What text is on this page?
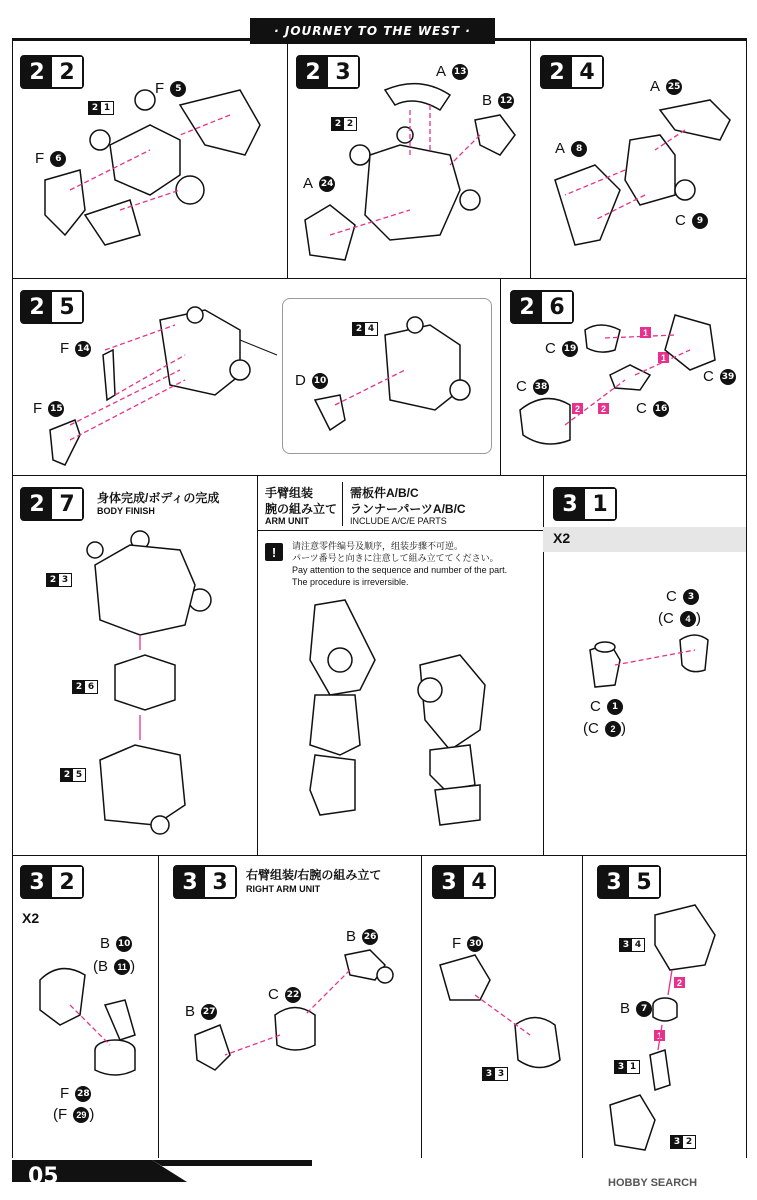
· JOURNEY TO THE WEST ·
2 2
2 1
F
	5
F
	6
2 3
2 2
A
13
B
12
A
24
2 4
A
25
A
	8
C
	9
2 5
F
14
F
15
2 4
D
10
2 6
C
19
C
38
C
39
C
16
1
1
2	2
2 7	身体完成/ボディの完成
BODY FINISH
2 3
2 6
2 5
手臂组装
腕の組み立て
ARM UNIT
需板件A/B/C
ランナーパーツA/B/C
INCLUDE A/C/E PARTS
!	请注意零件编号及顺序，组装步骤不可逆。
パーツ番号と向きに注意して組み立ててください。
Pay attention to the sequence and number of the part.
The procedure is irreversible.
3 1
X2
C
	3
(C
	4 )
C
	1
(C
	2 )
3 2
X2
B
10
(B
	11 )
F
28
(F
	29 )
3 3	右臂组装/右腕の組み立て
RIGHT ARM UNIT
B
26
C
22
B
27
3 4
F
30
3 3
3 5
3 4
B
	7
3 1
3 2
2
1
05	HOBBY SEARCH
